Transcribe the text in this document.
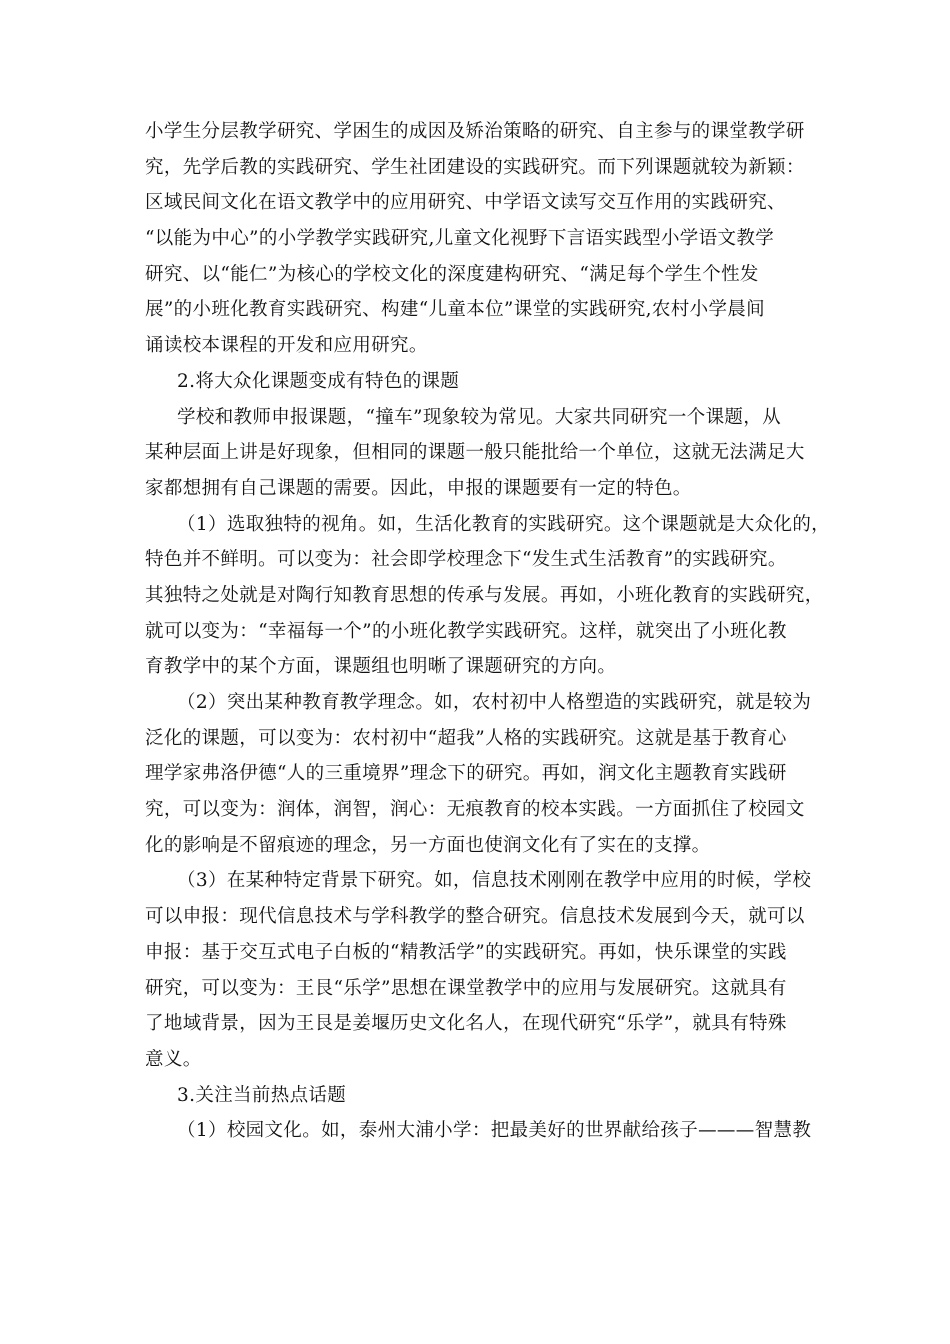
小学生分层教学研究、学困生的成因及矫治策略的研究、自主参与的课堂教学研
究，先学后教的实践研究、学生社团建设的实践研究。而下列课题就较为新颖：
区域民间文化在语文教学中的应用研究、中学语文读写交互作用的实践研究、
“以能为中心”的小学教学实践研究,儿童文化视野下言语实践型小学语文教学
研究、以“能仁”为核心的学校文化的深度建构研究、“满足每个学生个性发
展”的小班化教育实践研究、构建“儿童本位”课堂的实践研究,农村小学晨间
诵读校本课程的开发和应用研究。
2.将大众化课题变成有特色的课题
学校和教师申报课题，“撞车”现象较为常见。大家共同研究一个课题，从
某种层面上讲是好现象，但相同的课题一般只能批给一个单位，这就无法满足大
家都想拥有自己课题的需要。因此，申报的课题要有一定的特色。
（1）选取独特的视角。如，生活化教育的实践研究。这个课题就是大众化的，
特色并不鲜明。可以变为：社会即学校理念下“发生式生活教育”的实践研究。
其独特之处就是对陶行知教育思想的传承与发展。再如，小班化教育的实践研究，
就可以变为：“幸福每一个”的小班化教学实践研究。这样，就突出了小班化教
育教学中的某个方面，课题组也明晰了课题研究的方向。
（2）突出某种教育教学理念。如，农村初中人格塑造的实践研究，就是较为
泛化的课题，可以变为：农村初中“超我”人格的实践研究。这就是基于教育心
理学家弗洛伊德“人的三重境界”理念下的研究。再如，润文化主题教育实践研
究，可以变为：润体，润智，润心：无痕教育的校本实践。一方面抓住了校园文
化的影响是不留痕迹的理念，另一方面也使润文化有了实在的支撑。
（3）在某种特定背景下研究。如，信息技术刚刚在教学中应用的时候，学校
可以申报：现代信息技术与学科教学的整合研究。信息技术发展到今天，就可以
申报：基于交互式电子白板的“精教活学”的实践研究。再如，快乐课堂的实践
研究，可以变为：王艮“乐学”思想在课堂教学中的应用与发展研究。这就具有
了地域背景，因为王艮是姜堰历史文化名人，在现代研究“乐学”，就具有特殊
意义。
3.关注当前热点话题
（1）校园文化。如，泰州大浦小学：把最美好的世界献给孩子———智慧教
